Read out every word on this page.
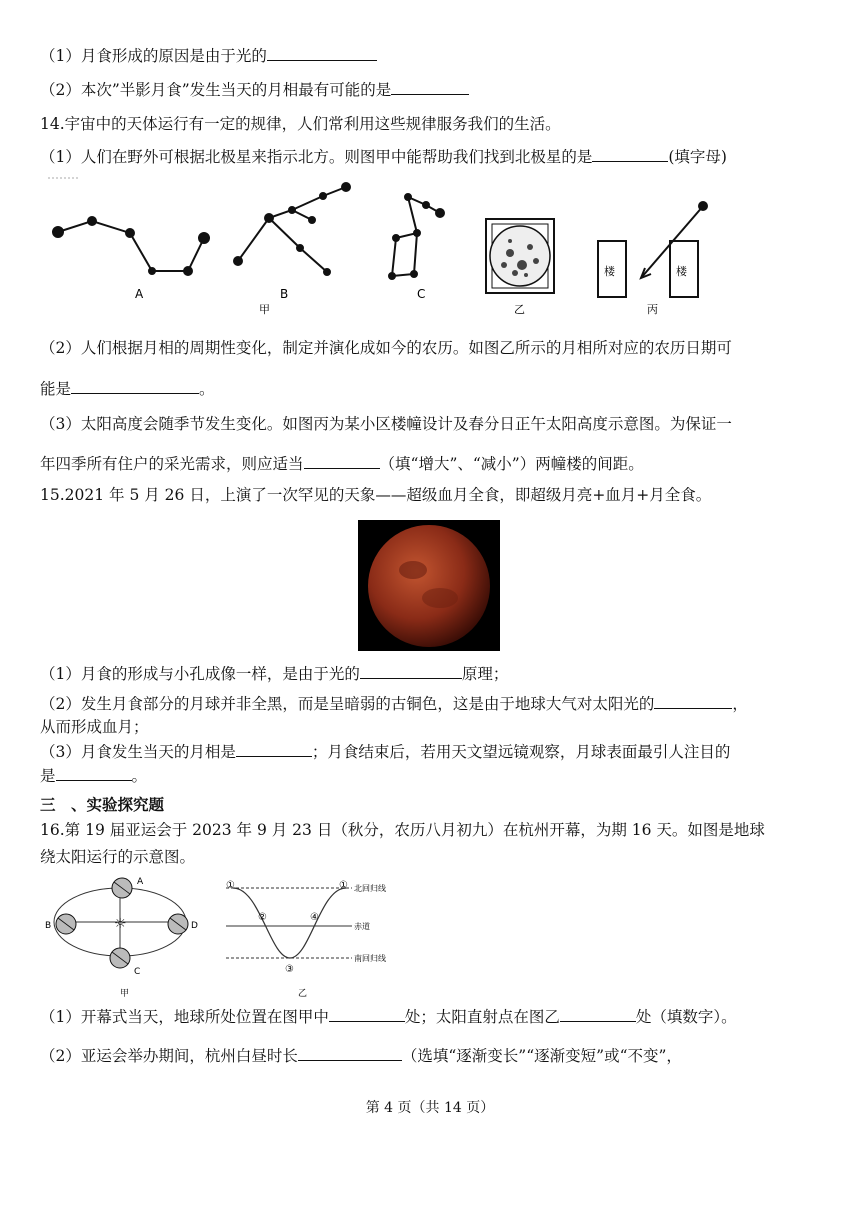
（1）月食形成的原因是由于光的
（2）本次”半影月食”发生当天的月相最有可能的是
14.宇宙中的天体运行有一定的规律，人们常利用这些规律服务我们的生活。
（1）人们在野外可根据北极星来指示北方。则图甲中能帮助我们找到北极星的是	(填字母)
A	B	C
甲	乙
楼	楼
丙
（2）人们根据月相的周期性变化，制定并演化成如今的农历。如图乙所示的月相所对应的农历日期可
能是	。
（3）太阳高度会随季节发生变化。如图丙为某小区楼幢设计及春分日正午太阳高度示意图。为保证一
年四季所有住户的采光需求，则应适当	（填“增大”、“减小”）两幢楼的间距。
15.2021 年 5 月 26 日，上演了一次罕见的天象——超级血月全食，即超级月亮+血月+月全食。
（1）月食的形成与小孔成像一样，是由于光的	原理；
（2）发生月食部分的月球并非全黑，而是呈暗弱的古铜色，这是由于地球大气对太阳光的	，
从而形成血月；
（3）月食发生当天的月相是	；月食结束后，若用天文望远镜观察，月球表面最引人注目的
是	。
三　、实验探究题
16.第 19 届亚运会于 2023 年 9 月 23 日（秋分，农历八月初九）在杭州开幕，为期 16 天。如图是地球
绕太阳运行的示意图。
☼
A
B
C
D
甲
①
②
③
④
① 北回归线
赤道
南回归线
乙
（1）开幕式当天，地球所处位置在图甲中	处；太阳直射点在图乙	处（填数字）。
（2）亚运会举办期间，杭州白昼时长	（选填“逐渐变长”“逐渐变短”或“不变”，
第 4 页（共 14 页）
